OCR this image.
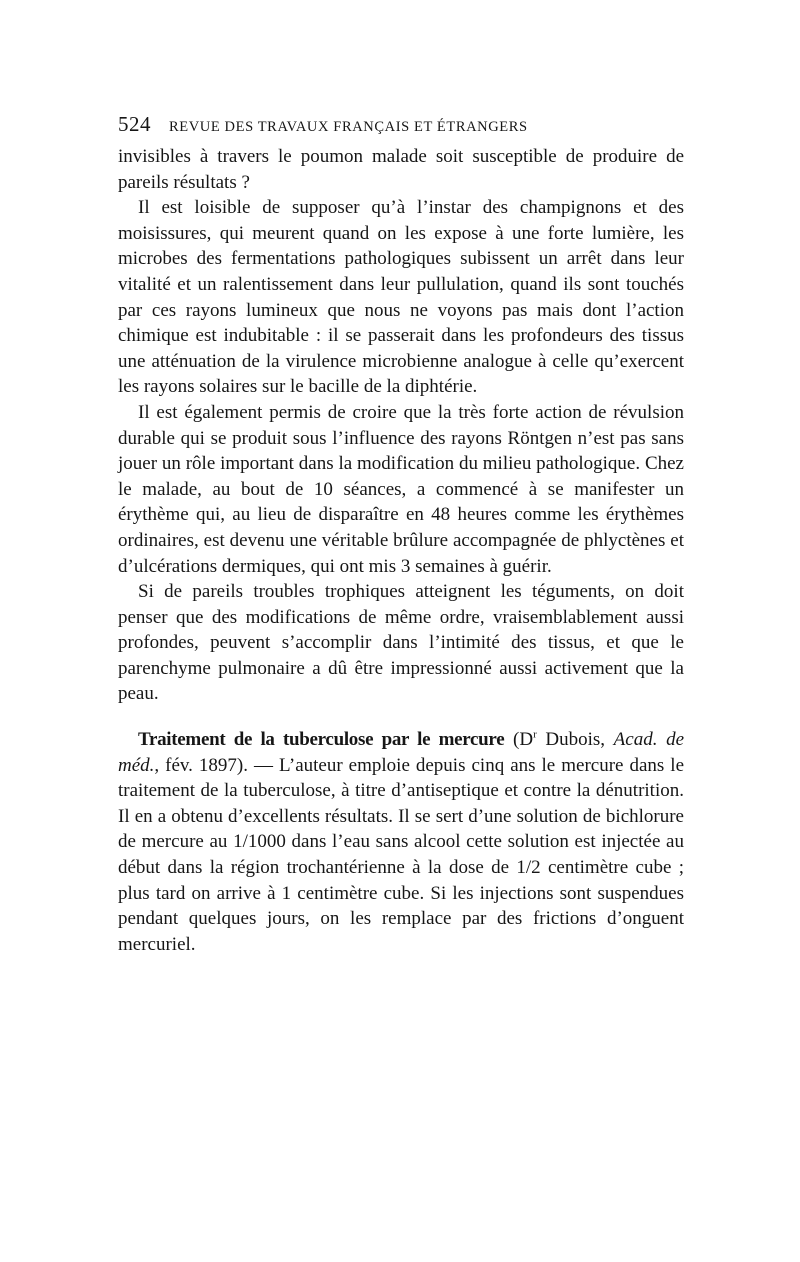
524 REVUE DES TRAVAUX FRANÇAIS ET ÉTRANGERS

invisibles à travers le poumon malade soit susceptible de produire de pareils résultats ?

Il est loisible de supposer qu’à l’instar des champignons et des moisissures, qui meurent quand on les expose à une forte lumière, les microbes des fermentations pathologiques subissent un arrêt dans leur vitalité et un ralentissement dans leur pullulation, quand ils sont touchés par ces rayons lumineux que nous ne voyons pas mais dont l’action chimique est indubitable : il se passerait dans les profondeurs des tissus une atténuation de la virulence microbienne analogue à celle qu’exercent les rayons solaires sur le bacille de la diphtérie.

Il est également permis de croire que la très forte action de révulsion durable qui se produit sous l’influence des rayons Röntgen n’est pas sans jouer un rôle important dans la modification du milieu pathologique. Chez le malade, au bout de 10 séances, a commencé à se manifester un érythème qui, au lieu de disparaître en 48 heures comme les érythèmes ordinaires, est devenu une véritable brûlure accompagnée de phlyctènes et d’ulcérations dermiques, qui ont mis 3 semaines à guérir.

Si de pareils troubles trophiques atteignent les téguments, on doit penser que des modifications de même ordre, vraisemblablement aussi profondes, peuvent s’accomplir dans l’intimité des tissus, et que le parenchyme pulmonaire a dû être impressionné aussi activement que la peau.

Traitement de la tuberculose par le mercure ($D^r$ Dubois, Acad. de méd., fév. 1897). — L’auteur emploie depuis cinq ans le mercure dans le traitement de la tuberculose, à titre d’antiseptique et contre la dénutrition. Il en a obtenu d’excellents résultats. Il se sert d’une solution de bichlorure de mercure au 1/1000 dans l’eau sans alcool cette solution est injectée au début dans la région trochantérienne à la dose de 1/2 centimètre cube ; plus tard on arrive à 1 centimètre cube. Si les injections sont suspendues pendant quelques jours, on les remplace par des frictions d’onguent mercuriel.
